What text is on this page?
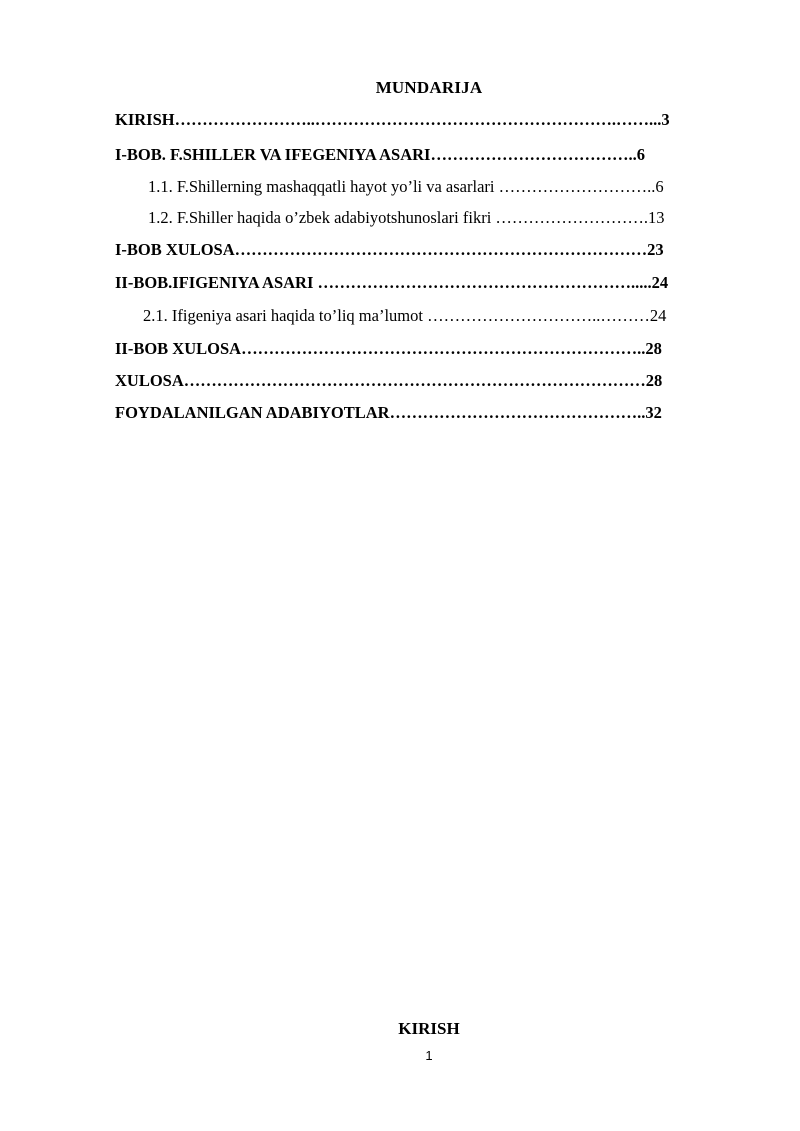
MUNDARIJA
KIRISH……………………..……………………………………………….……...3
I-BOB. F.SHILLER VA IFEGENIYA ASARI………………………………..6
1.1. F.Shillerning mashaqqatli hayot yo’li va asarlari ………………………..6
1.2. F.Shiller haqida o’zbek adabiyotshunoslari fikri ……………………….13
I-BOB XULOSA…………………………………………………………………23
II-BOB.IFIGENIYA ASARI ………………………………………………….....24
2.1. Ifigeniya asari haqida to’liq ma’lumot …………………………..………24
II-BOB XULOSA………………………………………………………………..28
XULOSA…………………………………………………………………………28
FOYDALANILGAN ADABIYOTLAR………………………………………..32
KIRISH
1
